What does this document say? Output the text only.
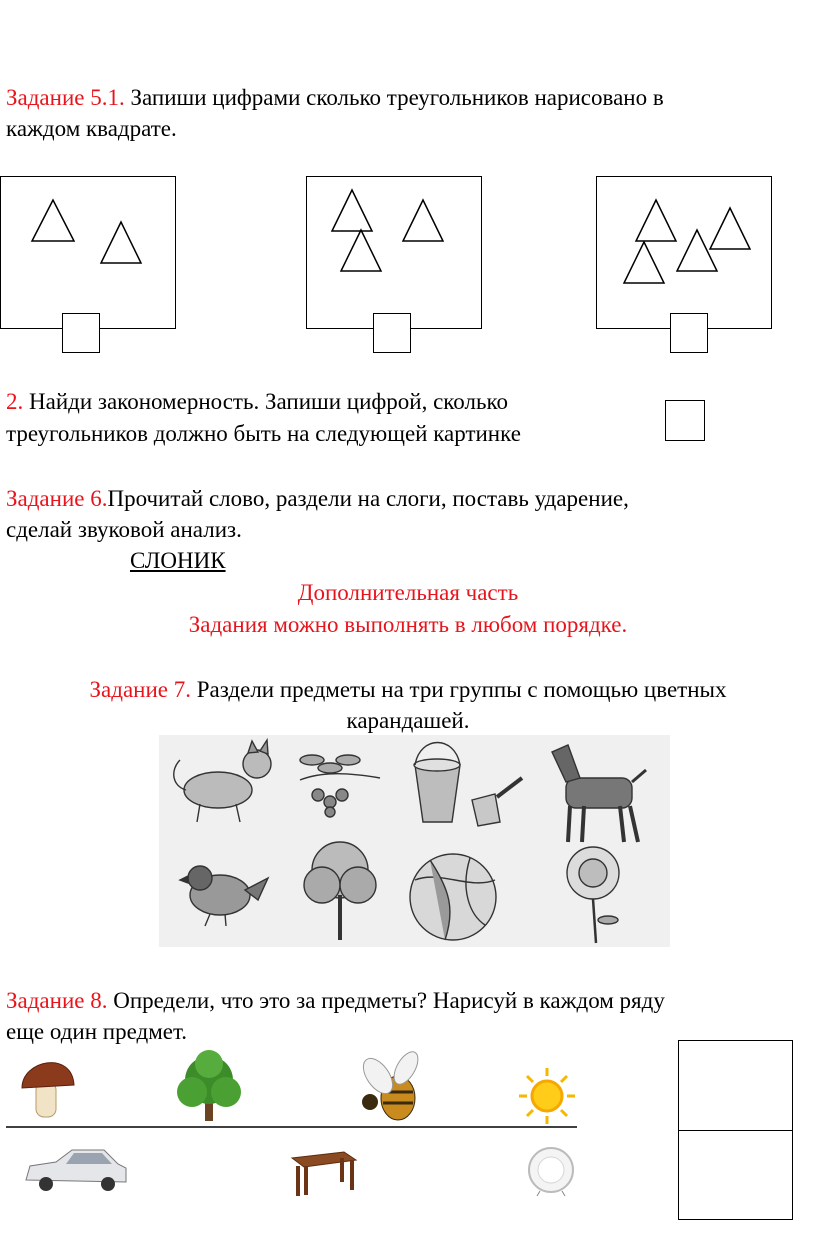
Задание 5.1. Запиши цифрами сколько треугольников нарисовано в
каждом квадрате.
2. Найди закономерность. Запиши цифрой, сколько
треугольников должно быть на следующей картинке
Задание 6.Прочитай слово, раздели на слоги, поставь ударение,
сделай звуковой анализ.
СЛОНИК
Дополнительная часть
Задания можно выполнять в любом порядке.
Задание 7. Раздели предметы на три группы с помощью цветных
карандашей.
Задание 8. Определи, что это за предметы? Нарисуй в каждом ряду
еще один предмет.
